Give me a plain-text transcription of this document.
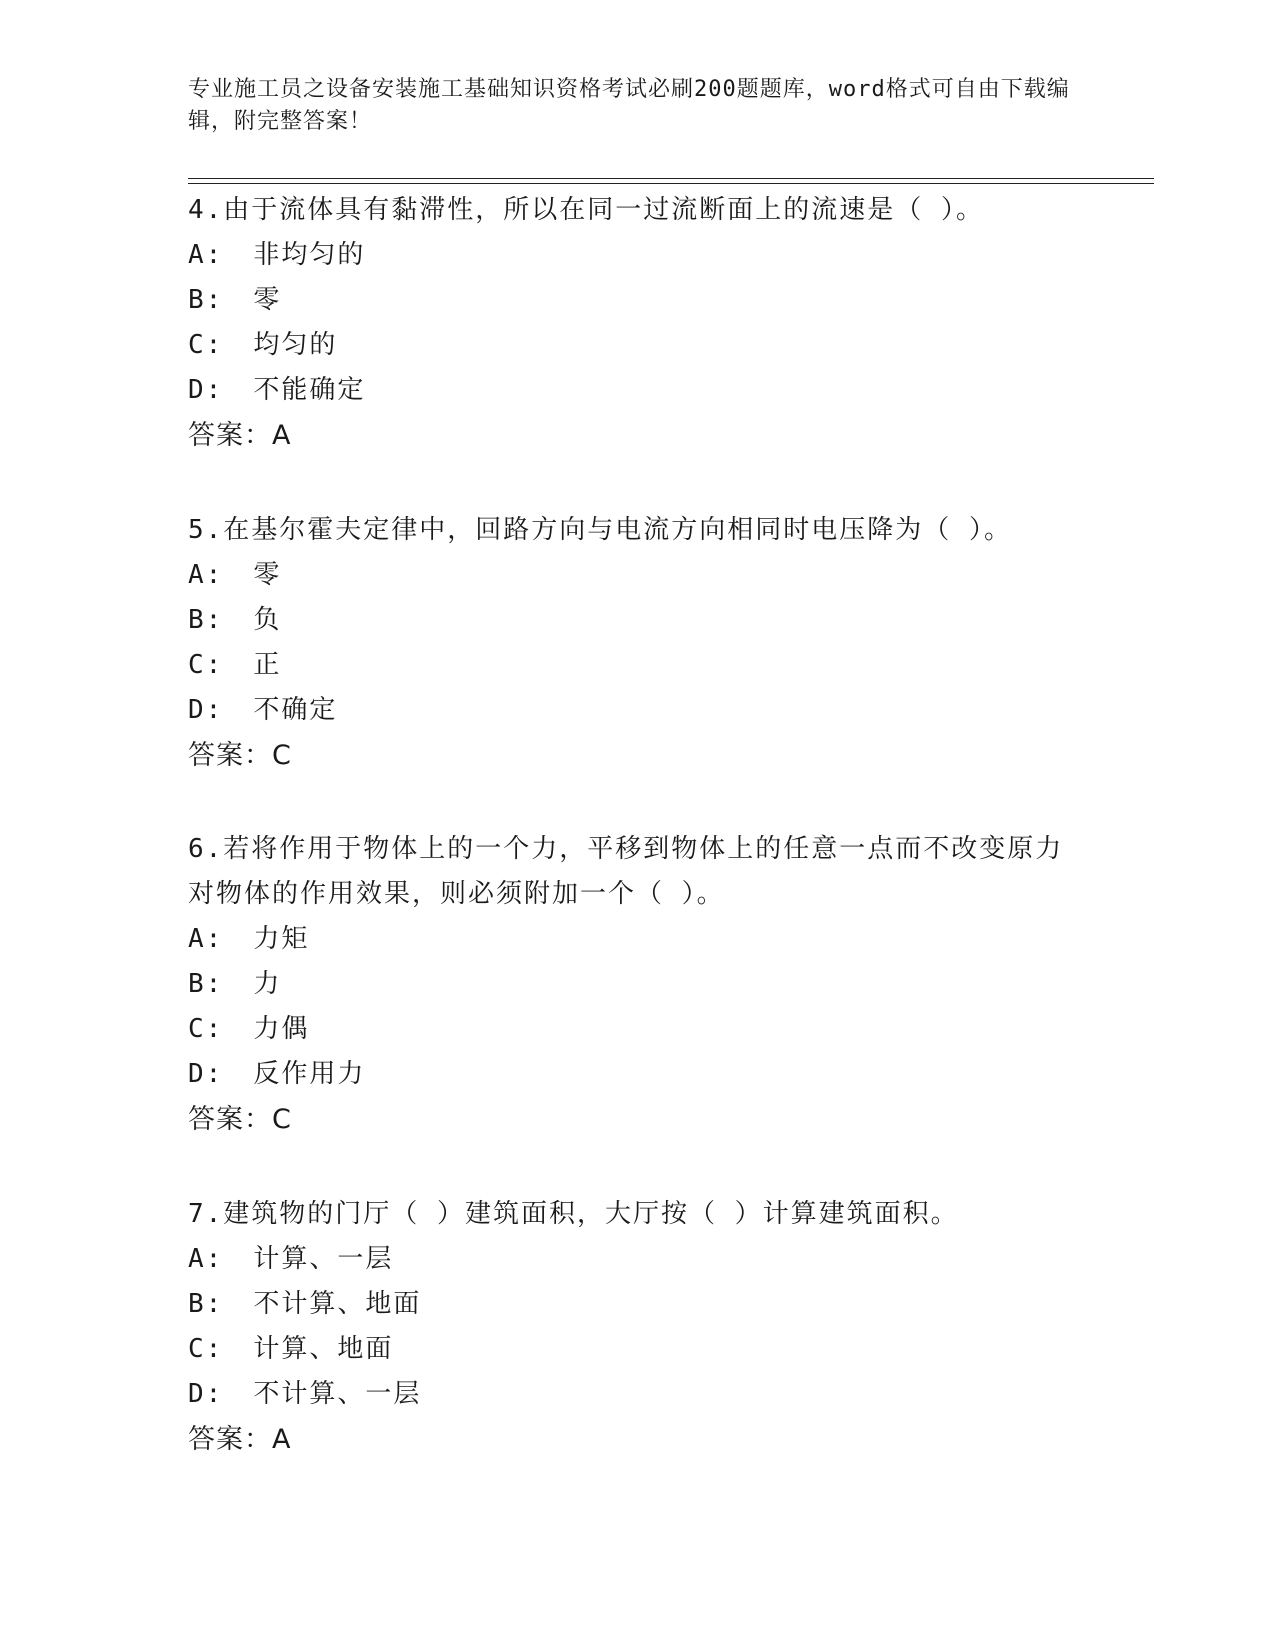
专业施工员之设备安装施工基础知识资格考试必刷200题题库，word格式可自由下载编辑，附完整答案！

4.由于流体具有黏滞性，所以在同一过流断面上的流速是（ ）。

A: 非均匀的

B: 零

C: 均匀的

D: 不能确定

答案：A

5.在基尔霍夫定律中，回路方向与电流方向相同时电压降为（ ）。

A: 零

B: 负

C: 正

D: 不确定

答案：C

6.若将作用于物体上的一个力，平移到物体上的任意一点而不改变原力对物体的作用效果，则必须附加一个（ ）。

A: 力矩

B: 力

C: 力偶

D: 反作用力

答案：C

7.建筑物的门厅（ ）建筑面积，大厅按（ ）计算建筑面积。

A: 计算、一层

B: 不计算、地面

C: 计算、地面

D: 不计算、一层

答案：A
